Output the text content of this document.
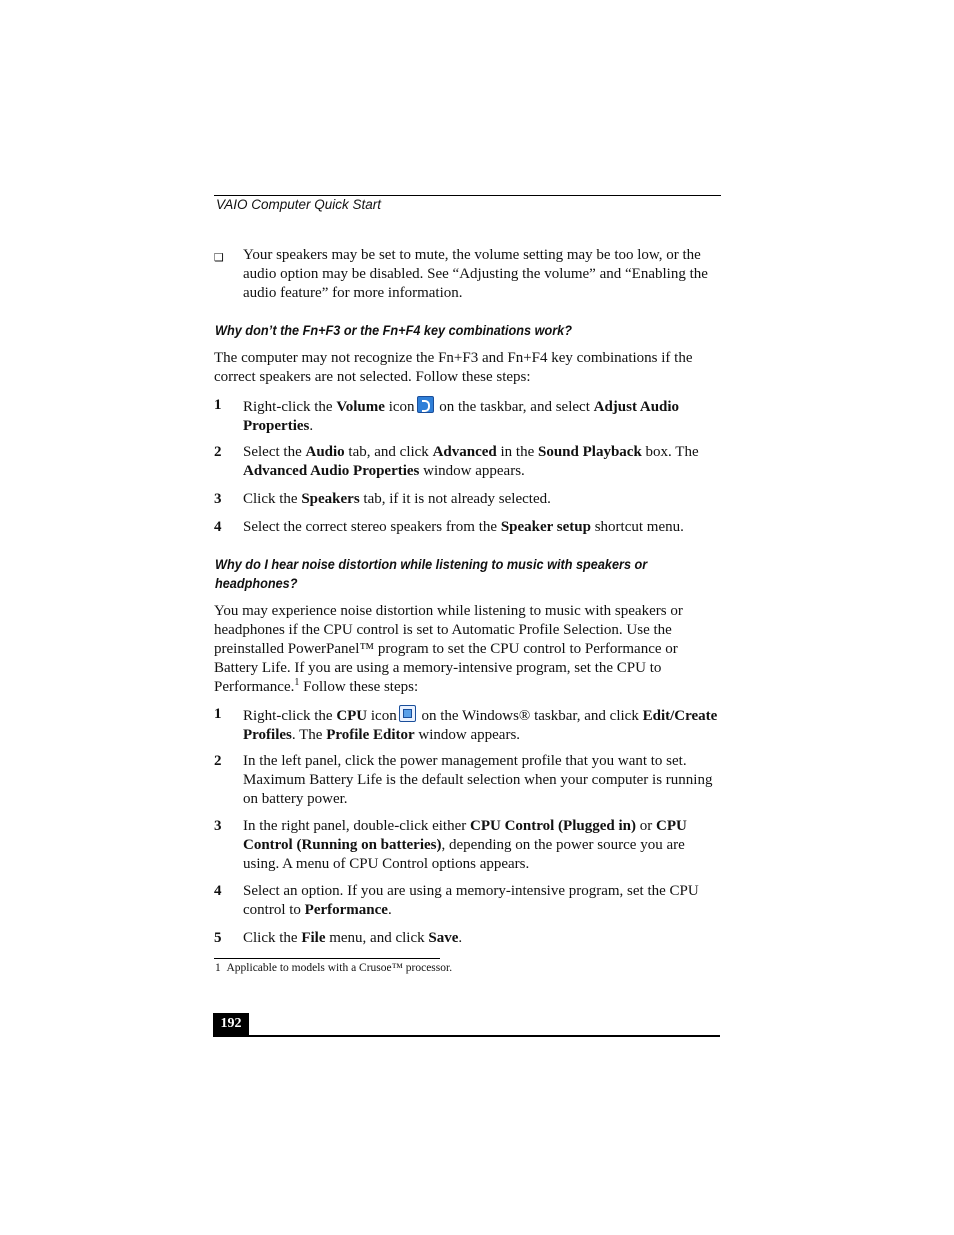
VAIO Computer Quick Start
❑ Your speakers may be set to mute, the volume setting may be too low, or the audio option may be disabled. See “Adjusting the volume” and “Enabling the audio feature” for more information.
Why don’t the Fn+F3 or the Fn+F4 key combinations work?
The computer may not recognize the Fn+F3 and Fn+F4 key combinations if the correct speakers are not selected. Follow these steps:
1 Right-click the Volume icon on the taskbar, and select Adjust Audio Properties.
2 Select the Audio tab, and click Advanced in the Sound Playback box. The Advanced Audio Properties window appears.
3 Click the Speakers tab, if it is not already selected.
4 Select the correct stereo speakers from the Speaker setup shortcut menu.
Why do I hear noise distortion while listening to music with speakers or headphones?
You may experience noise distortion while listening to music with speakers or headphones if the CPU control is set to Automatic Profile Selection. Use the preinstalled PowerPanel™ program to set the CPU control to Performance or Battery Life. If you are using a memory-intensive program, set the CPU to Performance.$^1$ Follow these steps:
1 Right-click the CPU icon on the Windows® taskbar, and click Edit/Create Profiles. The Profile Editor window appears.
2 In the left panel, click the power management profile that you want to set. Maximum Battery Life is the default selection when your computer is running on battery power.
3 In the right panel, double-click either CPU Control (Plugged in) or CPU Control (Running on batteries), depending on the power source you are using. A menu of CPU Control options appears.
4 Select an option. If you are using a memory-intensive program, set the CPU control to Performance.
5 Click the File menu, and click Save.
1 Applicable to models with a Crusoe™ processor.
192
